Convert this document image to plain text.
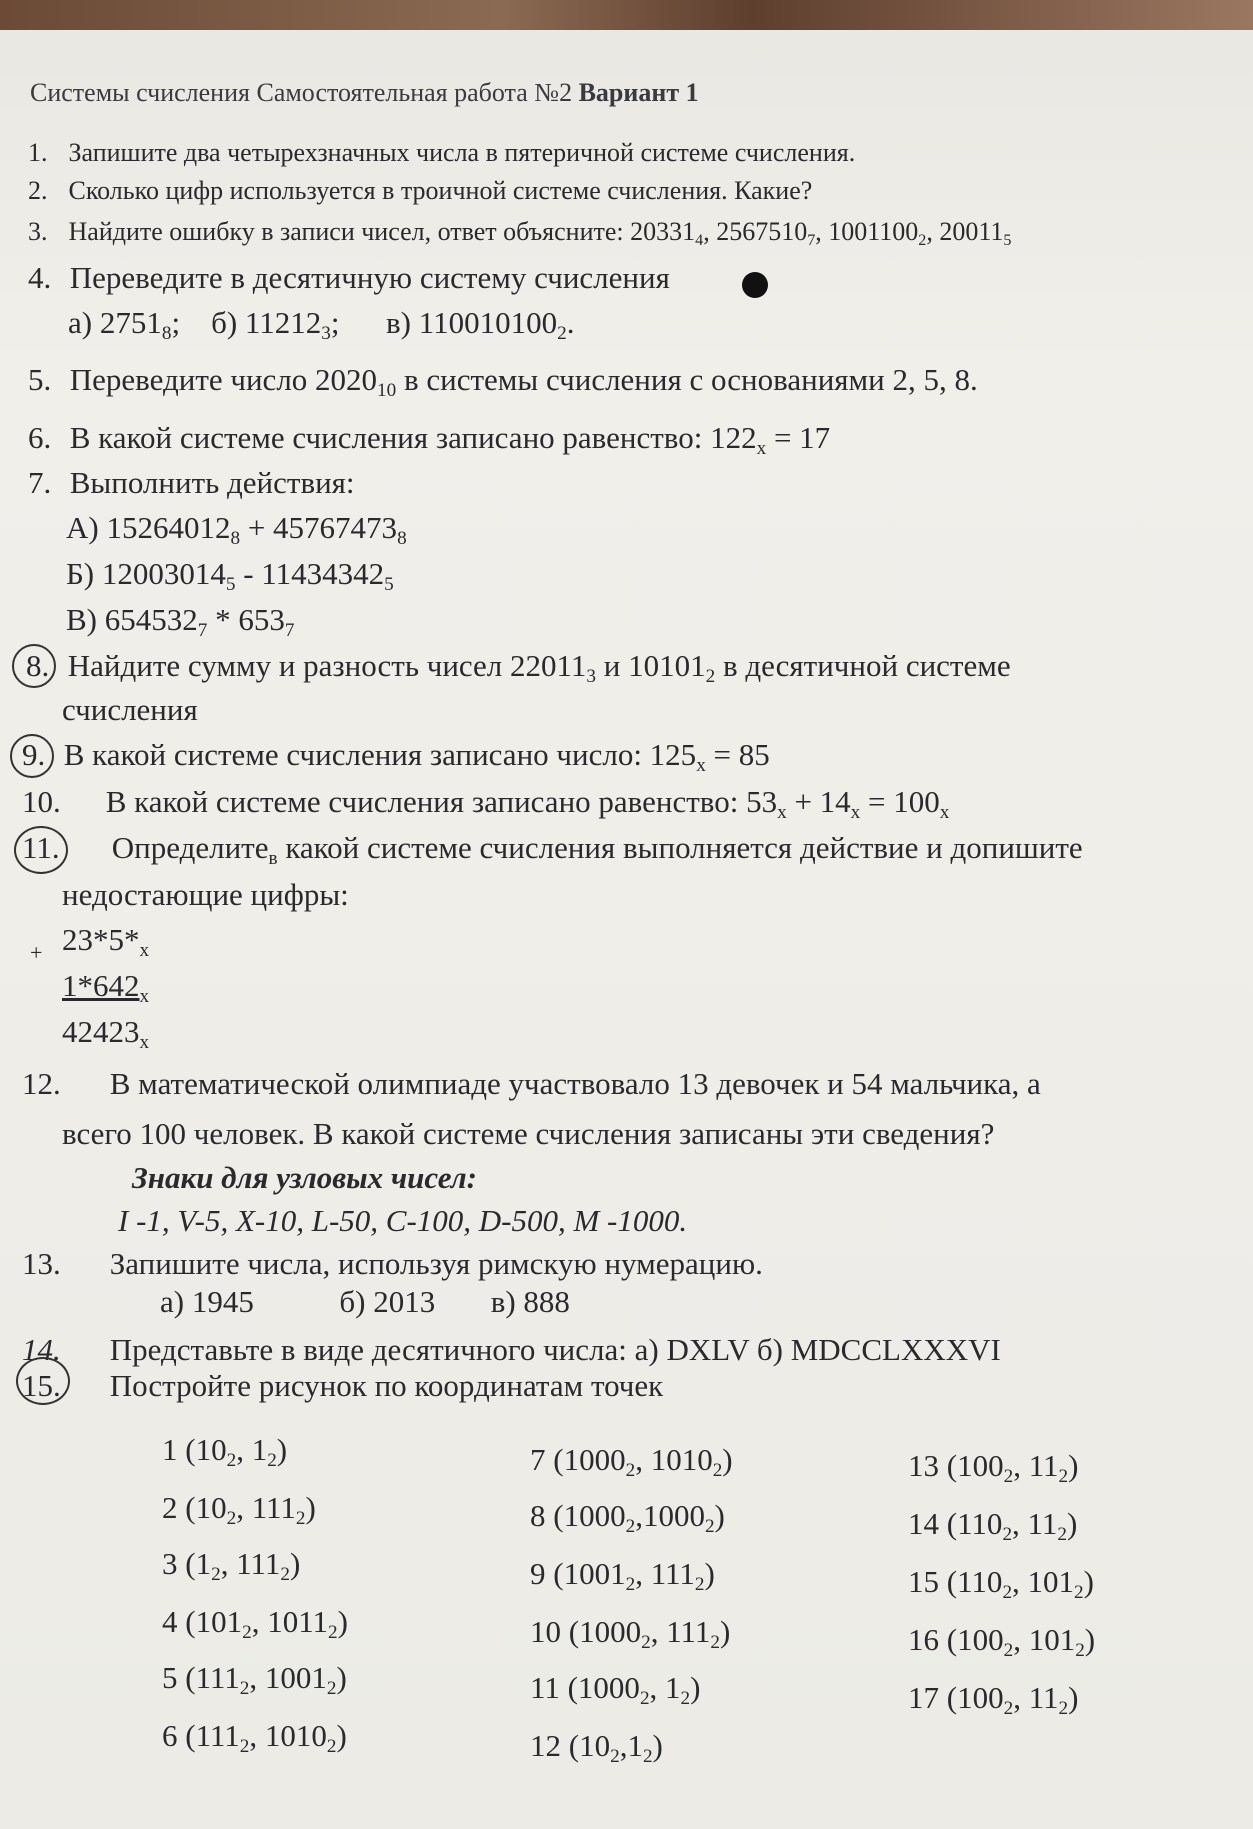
Системы счисления Самостоятельная работа №2 Вариант 1
1. Запишите два четырехзначных числа в пятеричной системе счисления.
2. Сколько цифр используется в троичной системе счисления. Какие?
3. Найдите ошибку в записи чисел, ответ объясните: $20331_4$, $2567510_7$, $1001100_2$, $20011_5$
4. Переведите в десятичную систему счисления
а) $2751_8$;    б) $11212_3$;      в) $110010100_2$.
5. Переведите число $2020_{10}$ в системы счисления с основаниями 2, 5, 8.
6. В какой системе счисления записано равенство: $122_x = 17$
7. Выполнить действия:
А) $15264012_8 + 45767473_8$
Б) $12003014_5 - 11434342_5$
В) $654532_7 * 653_7$
8. Найдите сумму и разность чисел $22011_3$ и $10101_2$ в десятичной системе
счисления
9. В какой системе счисления записано число: $125_x = 85$
10. В какой системе счисления записано равенство: $53_x + 14_x = 100_x$
11. Определите$_в$ какой системе счисления выполняется действие и допишите
недостающие цифры:
+ $23*5*_x$
$1*642_x$
$42423_x$
12. В математической олимпиаде участвовало 13 девочек и 54 мальчика, а
всего 100 человек. В какой системе счисления записаны эти сведения?
Знаки для узловых чисел:
I -1, V-5, X-10, L-50, C-100, D-500, M -1000.
13. Запишите числа, используя римскую нумерацию.
а) 1945	б) 2013 в) 888
14. Представьте в виде десятичного числа: а) DXLV б) MDCCLXXXVI
15. Постройте рисунок по координатам точек
1 ($10_2$, $1_2$)
2 ($10_2$, $111_2$)
3 ($1_2$, $111_2$)
4 ($101_2$, $1011_2$)
5 ($111_2$, $1001_2$)
6 ($111_2$, $1010_2$)
7 ($1000_2$, $1010_2$)
8 $(1000_2,1000_2)$
9 ($1001_2$, $111_2$)
10 ($1000_2$, $111_2$)
11 ($1000_2$, $1_2$)
12 $(10_2,1_2)$
13 ($100_2$, $11_2$)
14 ($110_2$, $11_2$)
15 ($110_2$, $101_2$)
16 ($100_2$, $101_2$)
17 ($100_2$, $11_2$)
